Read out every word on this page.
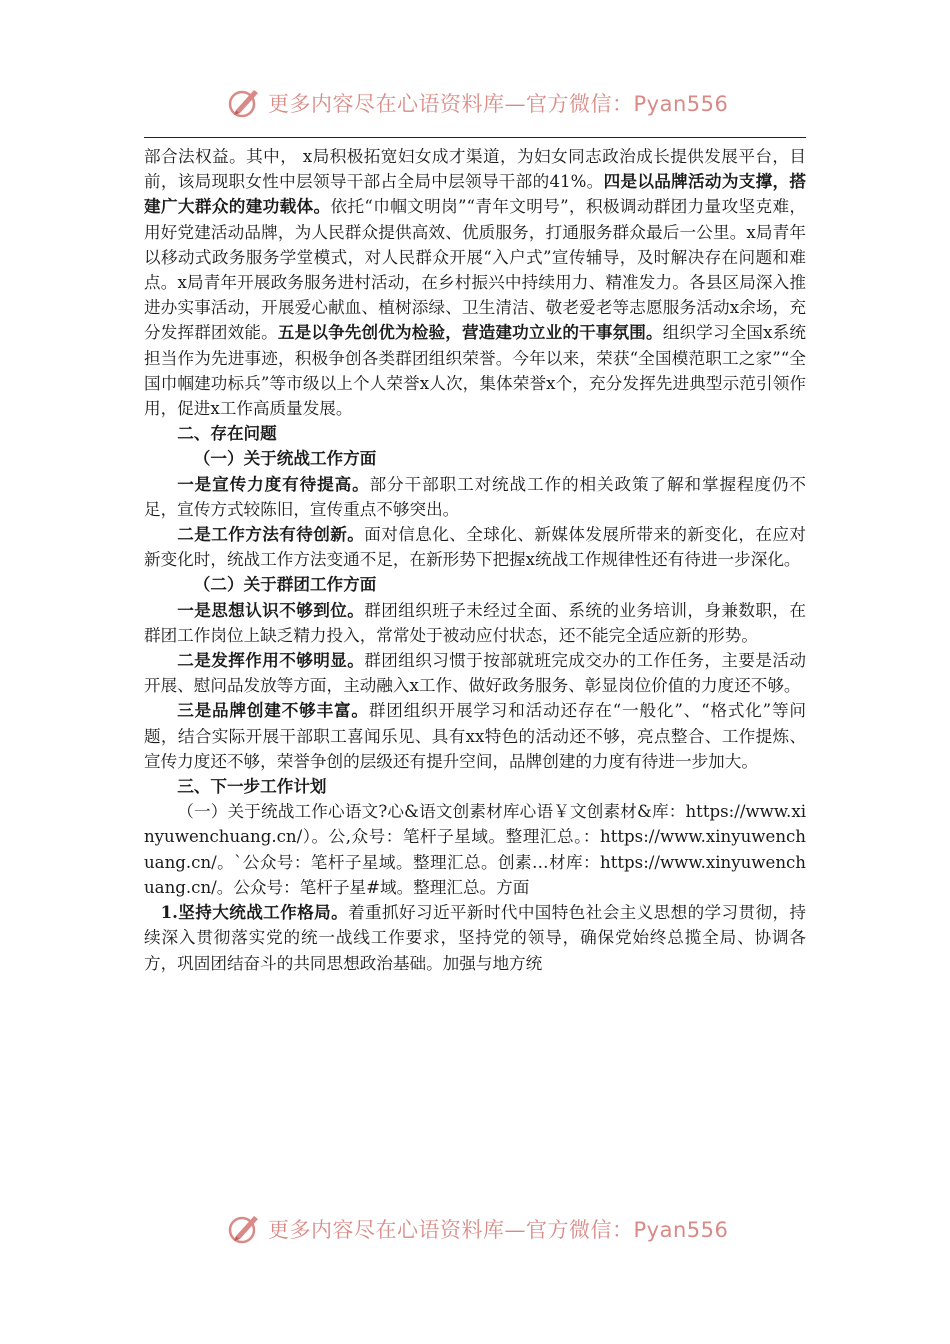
更多内容尽在心语资料库—官方微信：Pyan556

部合法权益。其中， x局积极拓宽妇女成才渠道，为妇女同志政治成长提供发展平台，目前，该局现职女性中层领导干部占全局中层领导干部的41%。四是以品牌活动为支撑，搭建广大群众的建功载体。依托“巾帼文明岗”“青年文明号”，积极调动群团力量攻坚克难，用好党建活动品牌，为人民群众提供高效、优质服务，打通服务群众最后一公里。x局青年以移动式政务服务学堂模式，对人民群众开展“入户式”宣传辅导，及时解决存在问题和难点。x局青年开展政务服务进村活动，在乡村振兴中持续用力、精准发力。各县区局深入推进办实事活动，开展爱心献血、植树添绿、卫生清洁、敬老爱老等志愿服务活动x余场，充分发挥群团效能。五是以争先创优为检验，营造建功立业的干事氛围。组织学习全国x系统担当作为先进事迹，积极争创各类群团组织荣誉。今年以来，荣获“全国模范职工之家”“全国巾帼建功标兵”等市级以上个人荣誉x人次，集体荣誉x个，充分发挥先进典型示范引领作用，促进x工作高质量发展。

二、存在问题

（一）关于统战工作方面

一是宣传力度有待提高。部分干部职工对统战工作的相关政策了解和掌握程度仍不足，宣传方式较陈旧，宣传重点不够突出。

二是工作方法有待创新。面对信息化、全球化、新媒体发展所带来的新变化，在应对新变化时，统战工作方法变通不足，在新形势下把握x统战工作规律性还有待进一步深化。

（二）关于群团工作方面

一是思想认识不够到位。群团组织班子未经过全面、系统的业务培训，身兼数职，在群团工作岗位上缺乏精力投入，常常处于被动应付状态，还不能完全适应新的形势。

二是发挥作用不够明显。群团组织习惯于按部就班完成交办的工作任务，主要是活动开展、慰问品发放等方面，主动融入x工作、做好政务服务、彰显岗位价值的力度还不够。

三是品牌创建不够丰富。群团组织开展学习和活动还存在“一般化”、“格式化”等问题，结合实际开展干部职工喜闻乐见、具有xx特色的活动还不够，亮点整合、工作提炼、宣传力度还不够，荣誉争创的层级还有提升空间，品牌创建的力度有待进一步加大。

三、下一步工作计划

（一）关于统战工作心语文?心&语文创素材库心语￥文创素材&库：https://www.xinyuwenchuang.cn/）。公,众号：笔杆子星域。整理汇总。：https://www.xinyuwenchuang.cn/。`公众号：笔杆子星域。整理汇总。创素…材库：https://www.xinyuwenchuang.cn/。公众号：笔杆子星#域。整理汇总。方面

1.坚持大统战工作格局。着重抓好习近平新时代中国特色社会主义思想的学习贯彻，持续深入贯彻落实党的统一战线工作要求，坚持党的领导，确保党始终总揽全局、协调各方，巩固团结奋斗的共同思想政治基础。加强与地方统

更多内容尽在心语资料库—官方微信：Pyan556
